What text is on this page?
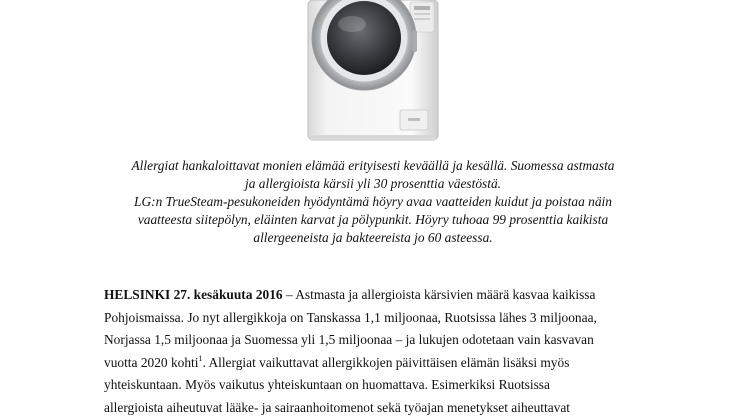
Allergiat hankaloittavat monien elämää erityisesti keväällä ja kesällä. Suomessa astmasta
ja allergioista kärsii yli 30 prosenttia väestöstä.
LG:n TrueSteam-pesukoneiden hyödyntämä höyry avaa vaatteiden kuidut ja poistaa näin
vaatteesta siitepölyn, eläinten karvat ja pölypunkit. Höyry tuhoaa 99 prosenttia kaikista
allergeeneista ja bakteereista jo 60 asteessa.
HELSINKI 27. kesäkuuta 2016 – Astmasta ja allergioista kärsivien määrä kasvaa kaikissa
Pohjoismaissa. Jo nyt allergikkoja on Tanskassa 1,1 miljoonaa, Ruotsissa lähes 3 miljoonaa,
Norjassa 1,5 miljoonaa ja Suomessa yli 1,5 miljoonaa – ja lukujen odotetaan vain kasvavan
vuotta 2020 kohti$^1$. Allergiat vaikuttavat allergikkojen päivittäisen elämän lisäksi myös
yhteiskuntaan. Myös vaikutus yhteiskuntaan on huomattava. Esimerkiksi Ruotsissa
allergioista aiheutuvat lääke- ja sairaanhoitomenot sekä työajan menetykset aiheuttavat
